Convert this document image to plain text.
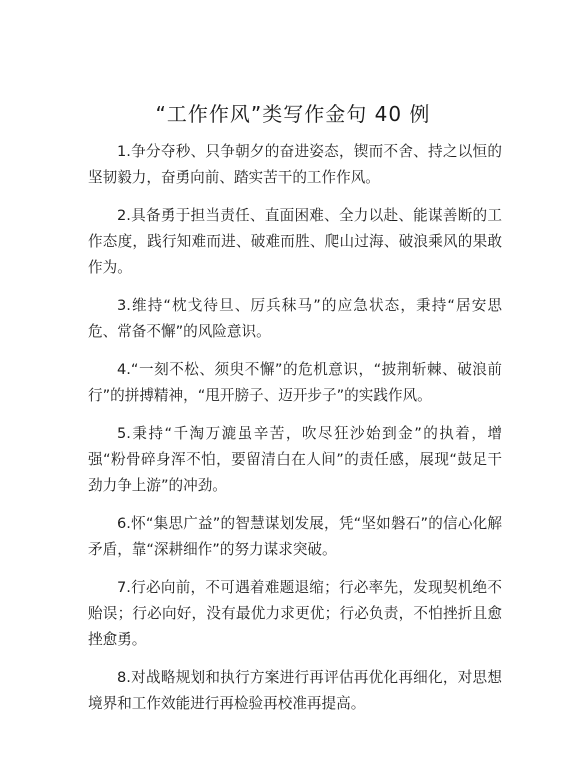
“工作作风”类写作金句 40 例

1.争分夺秒、只争朝夕的奋进姿态，锲而不舍、持之以恒的坚韧毅力，奋勇向前、踏实苦干的工作作风。

2.具备勇于担当责任、直面困难、全力以赴、能谋善断的工作态度，践行知难而进、破难而胜、爬山过海、破浪乘风的果敢作为。

3.维持“枕戈待旦、厉兵秣马”的应急状态，秉持“居安思危、常备不懈”的风险意识。

4.“一刻不松、须臾不懈”的危机意识，“披荆斩棘、破浪前行”的拼搏精神，“甩开膀子、迈开步子”的实践作风。

5.秉持“千淘万漉虽辛苦，吹尽狂沙始到金”的执着，增强“粉骨碎身浑不怕，要留清白在人间”的责任感，展现“鼓足干劲力争上游”的冲劲。

6.怀“集思广益”的智慧谋划发展，凭“坚如磐石”的信心化解矛盾，靠“深耕细作”的努力谋求突破。

7.行必向前，不可遇着难题退缩；行必率先，发现契机绝不贻误；行必向好，没有最优力求更优；行必负责，不怕挫折且愈挫愈勇。

8.对战略规划和执行方案进行再评估再优化再细化，对思想境界和工作效能进行再检验再校准再提高。
